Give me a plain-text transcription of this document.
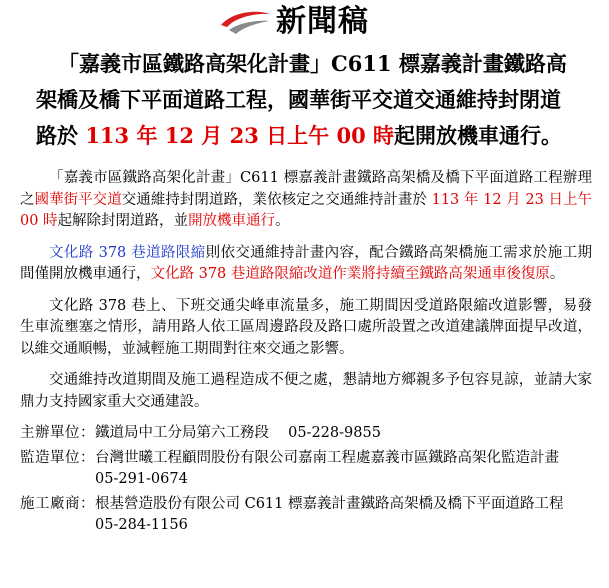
新聞稿
「嘉義市區鐵路高架化計畫」C611 標嘉義計畫鐵路高
架橋及橋下平面道路工程，國華街平交道交通維持封閉道
路於 113 年 12 月 23 日上午 00 時起開放機車通行。

「嘉義市區鐵路高架化計畫」C611 標嘉義計畫鐵路高架橋及橋下平面道路工程辦理之國華街平交道交通維持封閉道路，業依核定之交通維持計畫於 113 年 12 月 23 日上午 00 時起解除封閉道路，並開放機車通行。

文化路 378 巷道路限縮則依交通維持計畫內容，配合鐵路高架橋施工需求於施工期間僅開放機車通行，文化路 378 巷道路限縮改道作業將持續至鐵路高架通車後復原。

文化路 378 巷上、下班交通尖峰車流量多，施工期間因受道路限縮改道影響，易發生車流壅塞之情形，請用路人依工區周邊路段及路口處所設置之改道建議牌面提早改道，以維交通順暢，並減輕施工期間對往來交通之影響。

交通維持改道期間及施工過程造成不便之處，懇請地方鄉親多予包容見諒，並請大家鼎力支持國家重大交通建設。

主辦單位： 鐵道局中工分局第六工務段　 05-228-9855
監造單位： 台灣世曦工程顧問股份有限公司嘉南工程處嘉義市區鐵路高架化監造計畫　05-291-0674
施工廠商： 根基營造股份有限公司 C611 標嘉義計畫鐵路高架橋及橋下平面道路工程　05-284-1156
